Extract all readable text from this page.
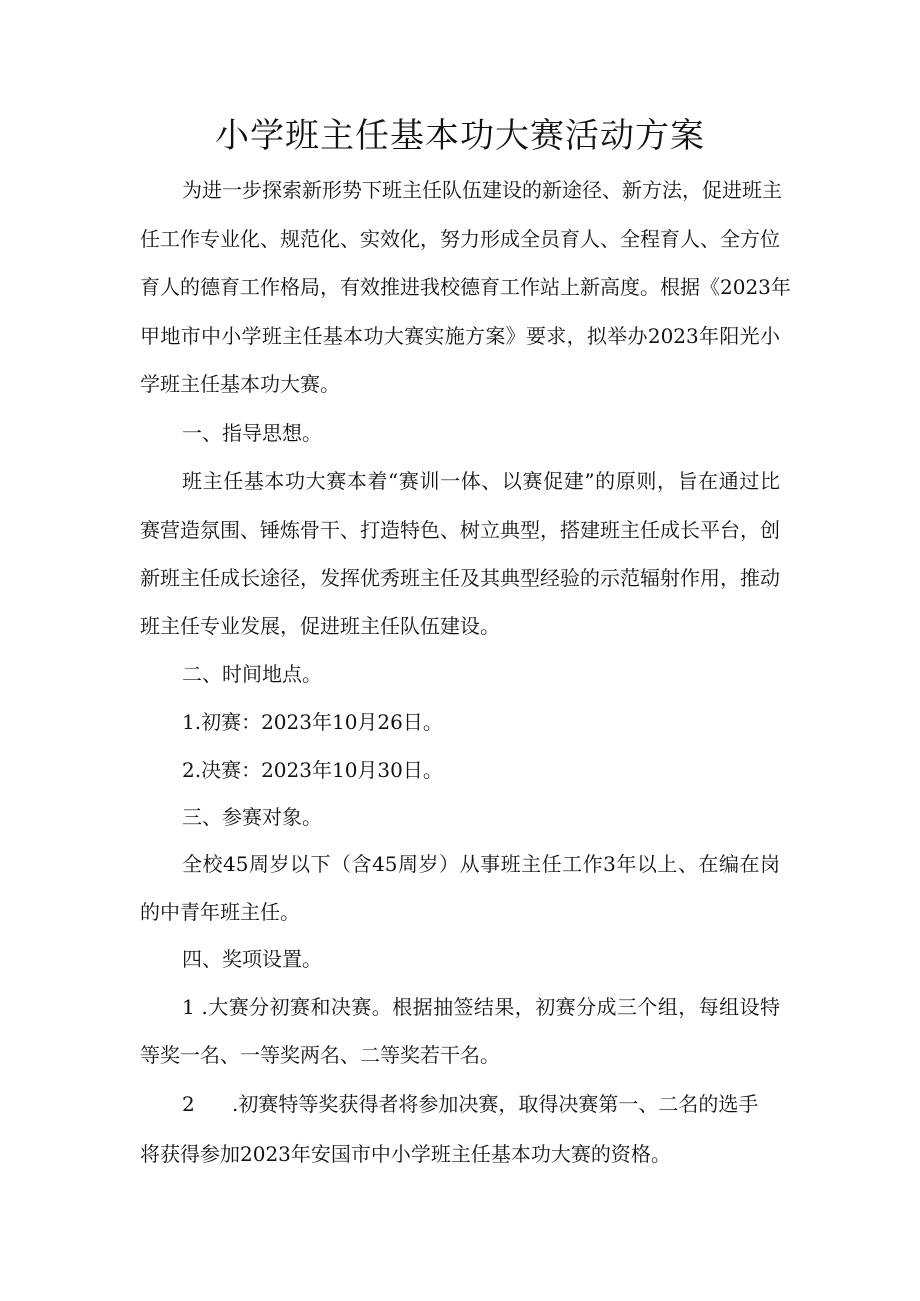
小学班主任基本功大赛活动方案

为进一步探索新形势下班主任队伍建设的新途径、新方法，促进班主

任工作专业化、规范化、实效化，努力形成全员育人、全程育人、全方位

育人的德育工作格局，有效推进我校德育工作站上新高度。根据《2023年

甲地市中小学班主任基本功大赛实施方案》要求，拟举办2023年阳光小

学班主任基本功大赛。

一、指导思想。

班主任基本功大赛本着“赛训一体、以赛促建”的原则，旨在通过比

赛营造氛围、锤炼骨干、打造特色、树立典型，搭建班主任成长平台，创

新班主任成长途径，发挥优秀班主任及其典型经验的示范辐射作用，推动

班主任专业发展，促进班主任队伍建设。

二、时间地点。

1.初赛：2023年10月26日。

2.决赛：2023年10月30日。

三、参赛对象。

全校45周岁以下（含45周岁）从事班主任工作3年以上、在编在岗

的中青年班主任。

四、奖项设置。

1 .大赛分初赛和决赛。根据抽签结果，初赛分成三个组，每组设特

等奖一名、一等奖两名、二等奖若干名。

2 .初赛特等奖获得者将参加决赛，取得决赛第一、二名的选手

将获得参加2023年安国市中小学班主任基本功大赛的资格。
